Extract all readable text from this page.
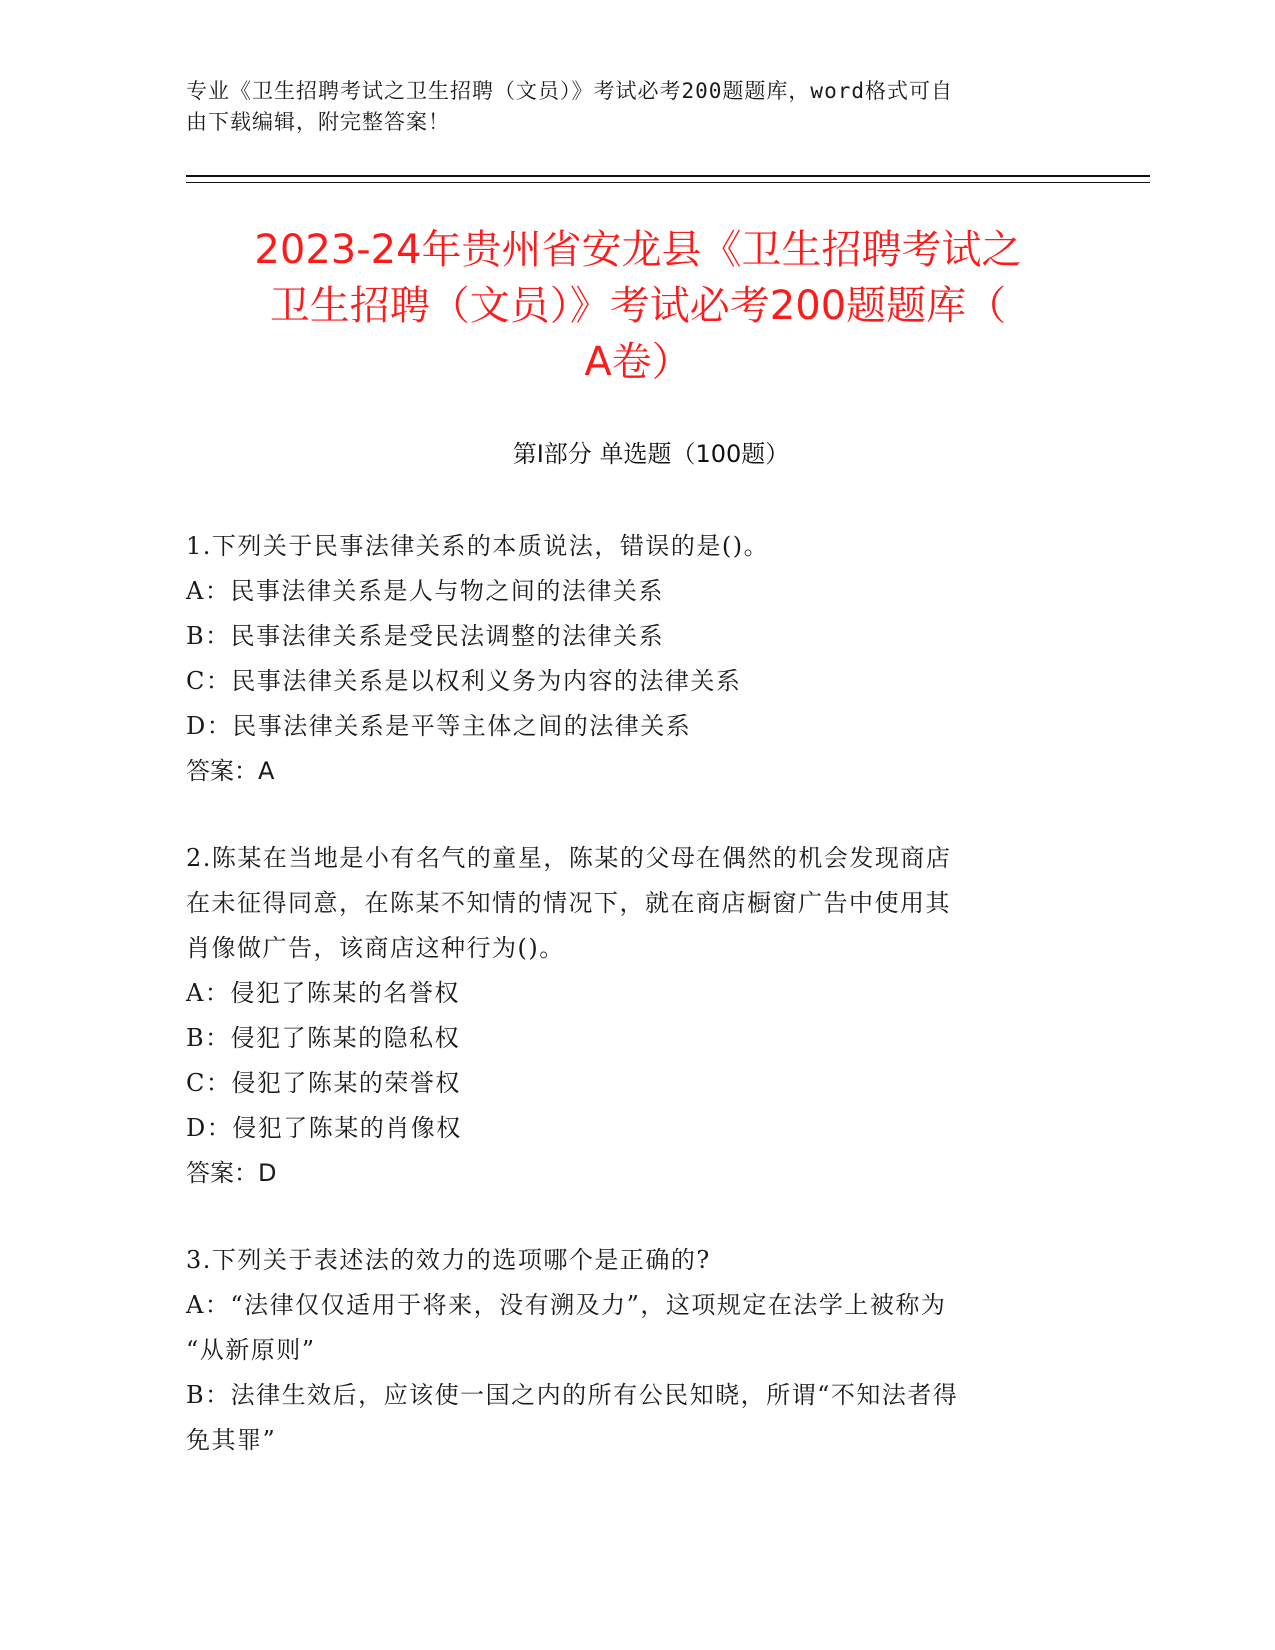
专业《卫生招聘考试之卫生招聘（文员）》考试必考200题题库，word格式可自
由下载编辑，附完整答案！
2023-24年贵州省安龙县《卫生招聘考试之
卫生招聘（文员）》考试必考200题题库（
A卷）
第I部分 单选题（100题）
1.下列关于民事法律关系的本质说法，错误的是()。
A：民事法律关系是人与物之间的法律关系
B：民事法律关系是受民法调整的法律关系
C：民事法律关系是以权利义务为内容的法律关系
D：民事法律关系是平等主体之间的法律关系
答案：A
2.陈某在当地是小有名气的童星，陈某的父母在偶然的机会发现商店
在未征得同意，在陈某不知情的情况下，就在商店橱窗广告中使用其
肖像做广告，该商店这种行为()。
A：侵犯了陈某的名誉权
B：侵犯了陈某的隐私权
C：侵犯了陈某的荣誉权
D：侵犯了陈某的肖像权
答案：D
3.下列关于表述法的效力的选项哪个是正确的?
A：“法律仅仅适用于将来，没有溯及力”，这项规定在法学上被称为
“从新原则”
B：法律生效后，应该使一国之内的所有公民知晓，所谓“不知法者得
免其罪”
